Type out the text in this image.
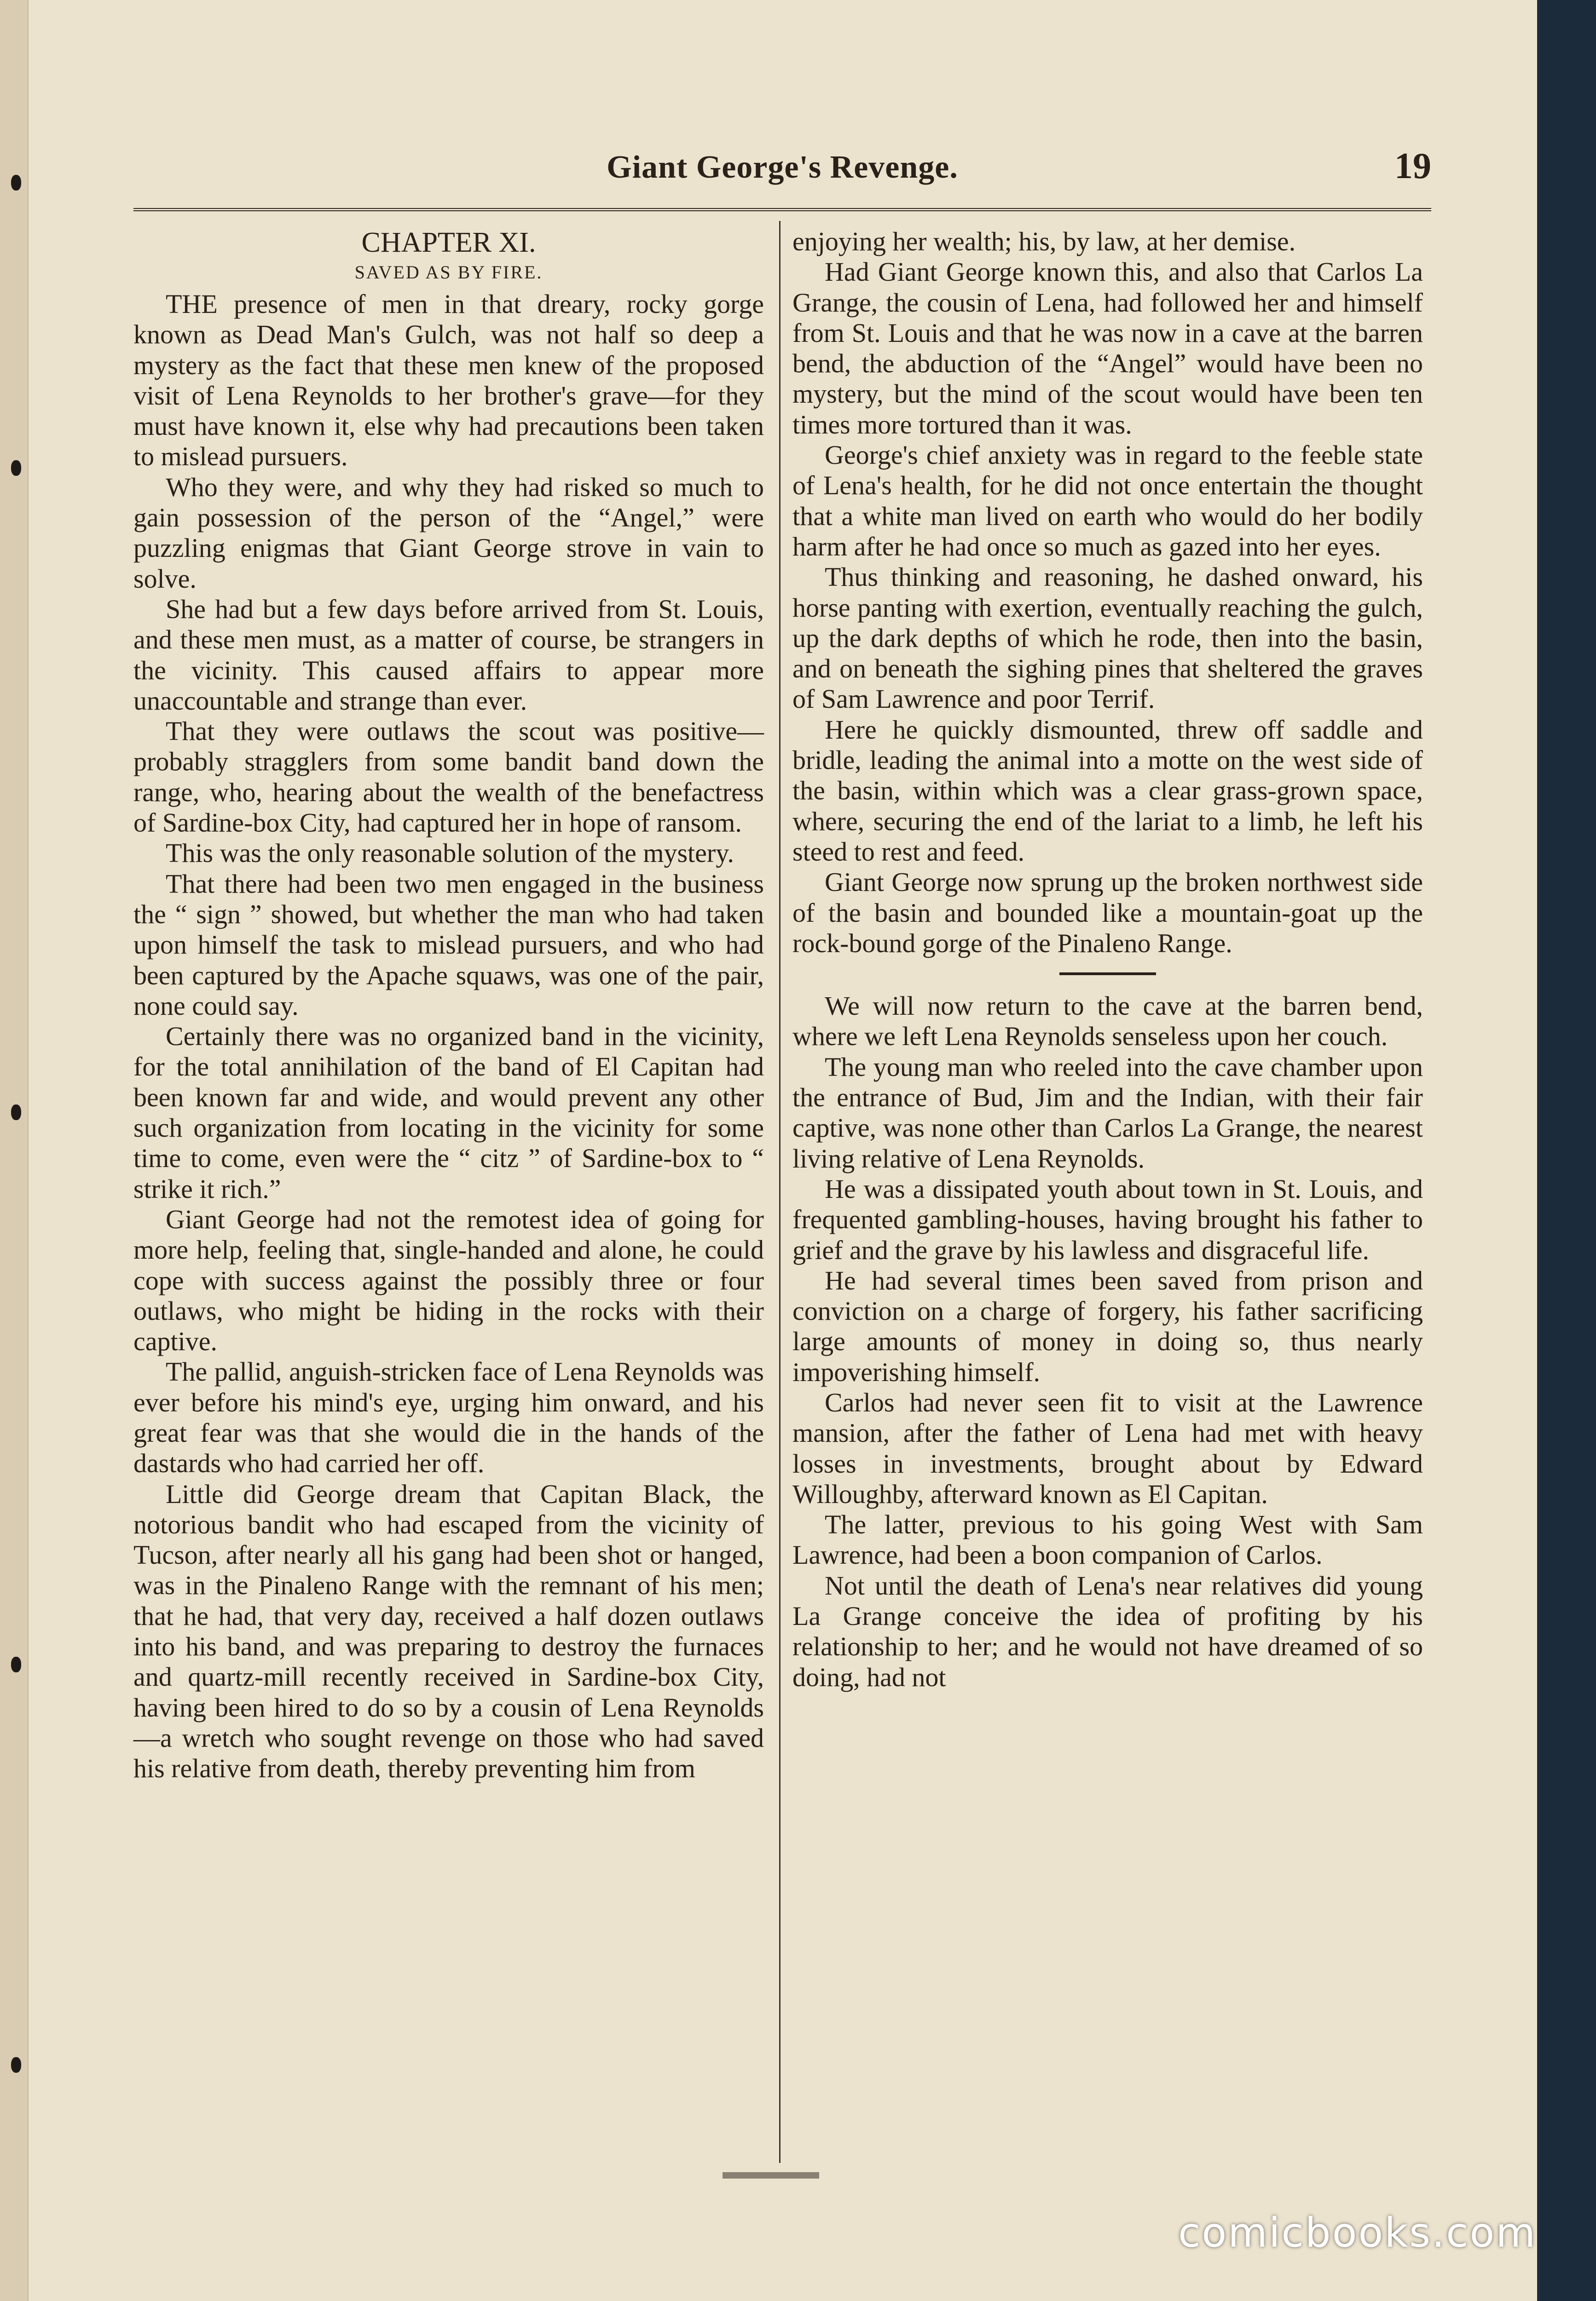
Giant George's Revenge.	19
CHAPTER XI.
SAVED AS BY FIRE.

THE presence of men in that dreary, rocky gorge known as Dead Man's Gulch, was not half so deep a mystery as the fact that these men knew of the proposed visit of Lena Reynolds to her brother's grave—for they must have known it, else why had precautions been taken to mislead pursuers.

Who they were, and why they had risked so much to gain possession of the person of the “Angel,” were puzzling enigmas that Giant George strove in vain to solve.

She had but a few days before arrived from St. Louis, and these men must, as a matter of course, be strangers in the vicinity. This caused affairs to appear more unaccountable and strange than ever.

That they were outlaws the scout was positive—probably stragglers from some bandit band down the range, who, hearing about the wealth of the benefactress of Sardine-box City, had captured her in hope of ransom.

This was the only reasonable solution of the mystery.

That there had been two men engaged in the business the “ sign ” showed, but whether the man who had taken upon himself the task to mislead pursuers, and who had been captured by the Apache squaws, was one of the pair, none could say.

Certainly there was no organized band in the vicinity, for the total annihilation of the band of El Capitan had been known far and wide, and would prevent any other such organization from locating in the vicinity for some time to come, even were the “ citz ” of Sardine-box to “ strike it rich.”

Giant George had not the remotest idea of going for more help, feeling that, single-handed and alone, he could cope with success against the possibly three or four outlaws, who might be hiding in the rocks with their captive.

The pallid, anguish-stricken face of Lena Reynolds was ever before his mind's eye, urging him onward, and his great fear was that she would die in the hands of the dastards who had carried her off.

Little did George dream that Capitan Black, the notorious bandit who had escaped from the vicinity of Tucson, after nearly all his gang had been shot or hanged, was in the Pinaleno Range with the remnant of his men; that he had, that very day, received a half dozen outlaws into his band, and was preparing to destroy the furnaces and quartz-mill recently received in Sardine-box City, having been hired to do so by a cousin of Lena Reynolds—a wretch who sought revenge on those who had saved his relative from death, thereby preventing him from

enjoying her wealth; his, by law, at her demise.

Had Giant George known this, and also that Carlos La Grange, the cousin of Lena, had followed her and himself from St. Louis and that he was now in a cave at the barren bend, the abduction of the “Angel” would have been no mystery, but the mind of the scout would have been ten times more tortured than it was.

George's chief anxiety was in regard to the feeble state of Lena's health, for he did not once entertain the thought that a white man lived on earth who would do her bodily harm after he had once so much as gazed into her eyes.

Thus thinking and reasoning, he dashed onward, his horse panting with exertion, eventually reaching the gulch, up the dark depths of which he rode, then into the basin, and on beneath the sighing pines that sheltered the graves of Sam Lawrence and poor Terrif.

Here he quickly dismounted, threw off saddle and bridle, leading the animal into a motte on the west side of the basin, within which was a clear grass-grown space, where, securing the end of the lariat to a limb, he left his steed to rest and feed.

Giant George now sprung up the broken northwest side of the basin and bounded like a mountain-goat up the rock-bound gorge of the Pinaleno Range.

We will now return to the cave at the barren bend, where we left Lena Reynolds senseless upon her couch.

The young man who reeled into the cave chamber upon the entrance of Bud, Jim and the Indian, with their fair captive, was none other than Carlos La Grange, the nearest living relative of Lena Reynolds.

He was a dissipated youth about town in St. Louis, and frequented gambling-houses, having brought his father to grief and the grave by his lawless and disgraceful life.

He had several times been saved from prison and conviction on a charge of forgery, his father sacrificing large amounts of money in doing so, thus nearly impoverishing himself.

Carlos had never seen fit to visit at the Lawrence mansion, after the father of Lena had met with heavy losses in investments, brought about by Edward Willoughby, afterward known as El Capitan.

The latter, previous to his going West with Sam Lawrence, had been a boon companion of Carlos.

Not until the death of Lena's near relatives did young La Grange conceive the idea of profiting by his relationship to her; and he would not have dreamed of so doing, had not

comicbooks.com
